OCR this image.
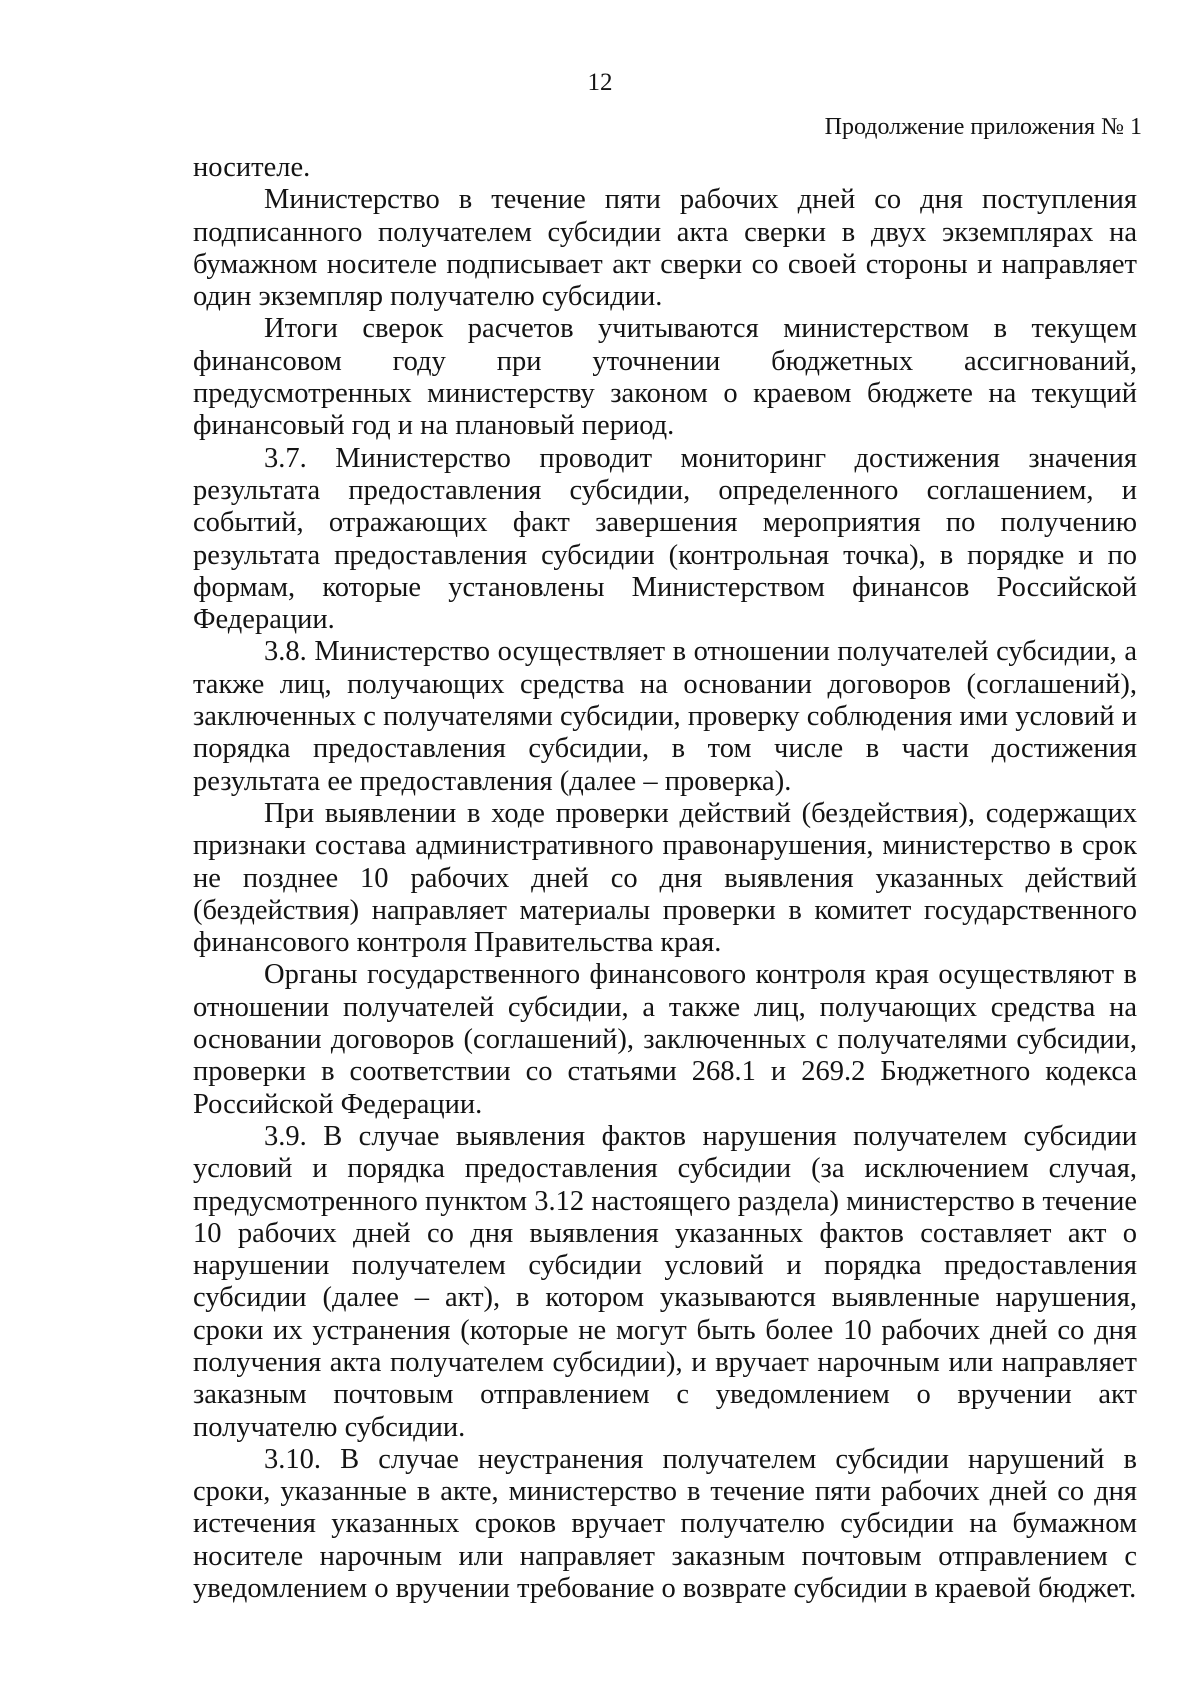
12
Продолжение приложения № 1

носителе.

Министерство в течение пяти рабочих дней со дня поступления подписанного получателем субсидии акта сверки в двух экземплярах на бумажном носителе подписывает акт сверки со своей стороны и направляет один экземпляр получателю субсидии.

Итоги сверок расчетов учитываются министерством в текущем финансовом году при уточнении бюджетных ассигнований, предусмотренных министерству законом о краевом бюджете на текущий финансовый год и на плановый период.

3.7. Министерство проводит мониторинг достижения значения результата предоставления субсидии, определенного соглашением, и событий, отражающих факт завершения мероприятия по получению результата предоставления субсидии (контрольная точка), в порядке и по формам, которые установлены Министерством финансов Российской Федерации.

3.8. Министерство осуществляет в отношении получателей субсидии, а также лиц, получающих средства на основании договоров (соглашений), заключенных с получателями субсидии, проверку соблюдения ими условий и порядка предоставления субсидии, в том числе в части достижения результата ее предоставления (далее – проверка).

При выявлении в ходе проверки действий (бездействия), содержащих признаки состава административного правонарушения, министерство в срок не позднее 10 рабочих дней со дня выявления указанных действий (бездействия) направляет материалы проверки в комитет государственного финансового контроля Правительства края.

Органы государственного финансового контроля края осуществляют в отношении получателей субсидии, а также лиц, получающих средства на основании договоров (соглашений), заключенных с получателями субсидии, проверки в соответствии со статьями 268.1 и 269.2 Бюджетного кодекса Российской Федерации.

3.9. В случае выявления фактов нарушения получателем субсидии условий и порядка предоставления субсидии (за исключением случая, предусмотренного пунктом 3.12 настоящего раздела) министерство в течение 10 рабочих дней со дня выявления указанных фактов составляет акт о нарушении получателем субсидии условий и порядка предоставления субсидии (далее – акт), в котором указываются выявленные нарушения, сроки их устранения (которые не могут быть более 10 рабочих дней со дня получения акта получателем субсидии), и вручает нарочным или направляет заказным почтовым отправлением с уведомлением о вручении акт получателю субсидии.

3.10. В случае неустранения получателем субсидии нарушений в сроки, указанные в акте, министерство в течение пяти рабочих дней со дня истечения указанных сроков вручает получателю субсидии на бумажном носителе нарочным или направляет заказным почтовым отправлением с уведомлением о вручении требование о возврате субсидии в краевой бюджет.
